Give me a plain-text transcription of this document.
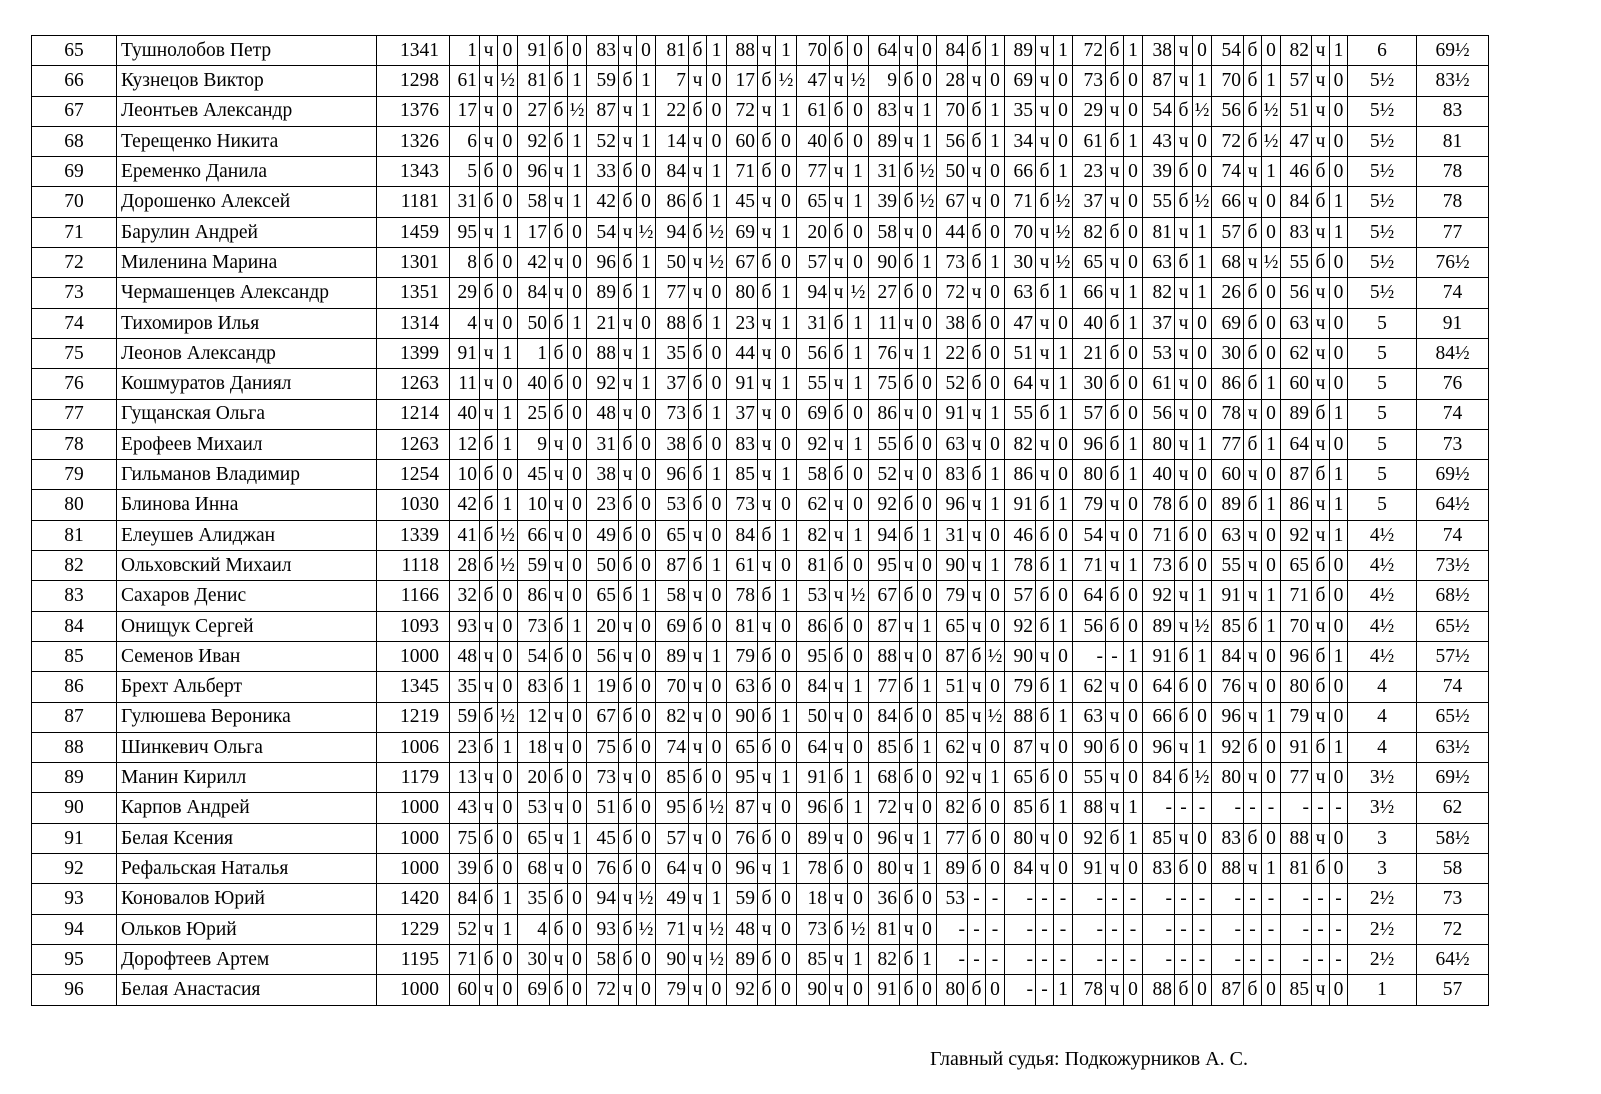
65	Тушнолобов Петр	1341	1	ч	0	91	б	0	83	ч	0	81	б	1	88	ч	1	70	б	0	64	ч	0	84	б	1	89	ч	1	72	б	1	38	ч	0	54	б	0	82	ч	1	6	69½
66	Кузнецов Виктор	1298	61	ч	½	81	б	1	59	б	1	7	ч	0	17	б	½	47	ч	½	9	б	0	28	ч	0	69	ч	0	73	б	0	87	ч	1	70	б	1	57	ч	0	5½	83½
67	Леонтьев Александр	1376	17	ч	0	27	б	½	87	ч	1	22	б	0	72	ч	1	61	б	0	83	ч	1	70	б	1	35	ч	0	29	ч	0	54	б	½	56	б	½	51	ч	0	5½	83
68	Терещенко Никита	1326	6	ч	0	92	б	1	52	ч	1	14	ч	0	60	б	0	40	б	0	89	ч	1	56	б	1	34	ч	0	61	б	1	43	ч	0	72	б	½	47	ч	0	5½	81
69	Еременко Данила	1343	5	б	0	96	ч	1	33	б	0	84	ч	1	71	б	0	77	ч	1	31	б	½	50	ч	0	66	б	1	23	ч	0	39	б	0	74	ч	1	46	б	0	5½	78
70	Дорошенко Алексей	1181	31	б	0	58	ч	1	42	б	0	86	б	1	45	ч	0	65	ч	1	39	б	½	67	ч	0	71	б	½	37	ч	0	55	б	½	66	ч	0	84	б	1	5½	78
71	Барулин Андрей	1459	95	ч	1	17	б	0	54	ч	½	94	б	½	69	ч	1	20	б	0	58	ч	0	44	б	0	70	ч	½	82	б	0	81	ч	1	57	б	0	83	ч	1	5½	77
72	Миленина Марина	1301	8	б	0	42	ч	0	96	б	1	50	ч	½	67	б	0	57	ч	0	90	б	1	73	б	1	30	ч	½	65	ч	0	63	б	1	68	ч	½	55	б	0	5½	76½
73	Чермашенцев Александр	1351	29	б	0	84	ч	0	89	б	1	77	ч	0	80	б	1	94	ч	½	27	б	0	72	ч	0	63	б	1	66	ч	1	82	ч	1	26	б	0	56	ч	0	5½	74
74	Тихомиров Илья	1314	4	ч	0	50	б	1	21	ч	0	88	б	1	23	ч	1	31	б	1	11	ч	0	38	б	0	47	ч	0	40	б	1	37	ч	0	69	б	0	63	ч	0	5	91
75	Леонов Александр	1399	91	ч	1	1	б	0	88	ч	1	35	б	0	44	ч	0	56	б	1	76	ч	1	22	б	0	51	ч	1	21	б	0	53	ч	0	30	б	0	62	ч	0	5	84½
76	Кошмуратов Даниял	1263	11	ч	0	40	б	0	92	ч	1	37	б	0	91	ч	1	55	ч	1	75	б	0	52	б	0	64	ч	1	30	б	0	61	ч	0	86	б	1	60	ч	0	5	76
77	Гущанская Ольга	1214	40	ч	1	25	б	0	48	ч	0	73	б	1	37	ч	0	69	б	0	86	ч	0	91	ч	1	55	б	1	57	б	0	56	ч	0	78	ч	0	89	б	1	5	74
78	Ерофеев Михаил	1263	12	б	1	9	ч	0	31	б	0	38	б	0	83	ч	0	92	ч	1	55	б	0	63	ч	0	82	ч	0	96	б	1	80	ч	1	77	б	1	64	ч	0	5	73
79	Гильманов Владимир	1254	10	б	0	45	ч	0	38	ч	0	96	б	1	85	ч	1	58	б	0	52	ч	0	83	б	1	86	ч	0	80	б	1	40	ч	0	60	ч	0	87	б	1	5	69½
80	Блинова Инна	1030	42	б	1	10	ч	0	23	б	0	53	б	0	73	ч	0	62	ч	0	92	б	0	96	ч	1	91	б	1	79	ч	0	78	б	0	89	б	1	86	ч	1	5	64½
81	Елеушев Алиджан	1339	41	б	½	66	ч	0	49	б	0	65	ч	0	84	б	1	82	ч	1	94	б	1	31	ч	0	46	б	0	54	ч	0	71	б	0	63	ч	0	92	ч	1	4½	74
82	Ольховский Михаил	1118	28	б	½	59	ч	0	50	б	0	87	б	1	61	ч	0	81	б	0	95	ч	0	90	ч	1	78	б	1	71	ч	1	73	б	0	55	ч	0	65	б	0	4½	73½
83	Сахаров Денис	1166	32	б	0	86	ч	0	65	б	1	58	ч	0	78	б	1	53	ч	½	67	б	0	79	ч	0	57	б	0	64	б	0	92	ч	1	91	ч	1	71	б	0	4½	68½
84	Онищук Сергей	1093	93	ч	0	73	б	1	20	ч	0	69	б	0	81	ч	0	86	б	0	87	ч	1	65	ч	0	92	б	1	56	б	0	89	ч	½	85	б	1	70	ч	0	4½	65½
85	Семенов Иван	1000	48	ч	0	54	б	0	56	ч	0	89	ч	1	79	б	0	95	б	0	88	ч	0	87	б	½	90	ч	0	-	-	1	91	б	1	84	ч	0	96	б	1	4½	57½
86	Брехт Альберт	1345	35	ч	0	83	б	1	19	б	0	70	ч	0	63	б	0	84	ч	1	77	б	1	51	ч	0	79	б	1	62	ч	0	64	б	0	76	ч	0	80	б	0	4	74
87	Гулюшева Вероника	1219	59	б	½	12	ч	0	67	б	0	82	ч	0	90	б	1	50	ч	0	84	б	0	85	ч	½	88	б	1	63	ч	0	66	б	0	96	ч	1	79	ч	0	4	65½
88	Шинкевич Ольга	1006	23	б	1	18	ч	0	75	б	0	74	ч	0	65	б	0	64	ч	0	85	б	1	62	ч	0	87	ч	0	90	б	0	96	ч	1	92	б	0	91	б	1	4	63½
89	Манин Кирилл	1179	13	ч	0	20	б	0	73	ч	0	85	б	0	95	ч	1	91	б	1	68	б	0	92	ч	1	65	б	0	55	ч	0	84	б	½	80	ч	0	77	ч	0	3½	69½
90	Карпов Андрей	1000	43	ч	0	53	ч	0	51	б	0	95	б	½	87	ч	0	96	б	1	72	ч	0	82	б	0	85	б	1	88	ч	1	-	-	-	-	-	-	-	-	-	3½	62
91	Белая Ксения	1000	75	б	0	65	ч	1	45	б	0	57	ч	0	76	б	0	89	ч	0	96	ч	1	77	б	0	80	ч	0	92	б	1	85	ч	0	83	б	0	88	ч	0	3	58½
92	Рефальская Наталья	1000	39	б	0	68	ч	0	76	б	0	64	ч	0	96	ч	1	78	б	0	80	ч	1	89	б	0	84	ч	0	91	ч	0	83	б	0	88	ч	1	81	б	0	3	58
93	Коновалов Юрий	1420	84	б	1	35	б	0	94	ч	½	49	ч	1	59	б	0	18	ч	0	36	б	0	53	-	-	-	-	-	-	-	-	-	-	-	-	-	-	-	-	-	2½	73
94	Ольков Юрий	1229	52	ч	1	4	б	0	93	б	½	71	ч	½	48	ч	0	73	б	½	81	ч	0	-	-	-	-	-	-	-	-	-	-	-	-	-	-	-	-	-	-	2½	72
95	Дорофтеев Артем	1195	71	б	0	30	ч	0	58	б	0	90	ч	½	89	б	0	85	ч	1	82	б	1	-	-	-	-	-	-	-	-	-	-	-	-	-	-	-	-	-	-	2½	64½
96	Белая Анастасия	1000	60	ч	0	69	б	0	72	ч	0	79	ч	0	92	б	0	90	ч	0	91	б	0	80	б	0	-	-	1	78	ч	0	88	б	0	87	б	0	85	ч	0	1	57
Главный судья: Подкожурников А. С.
